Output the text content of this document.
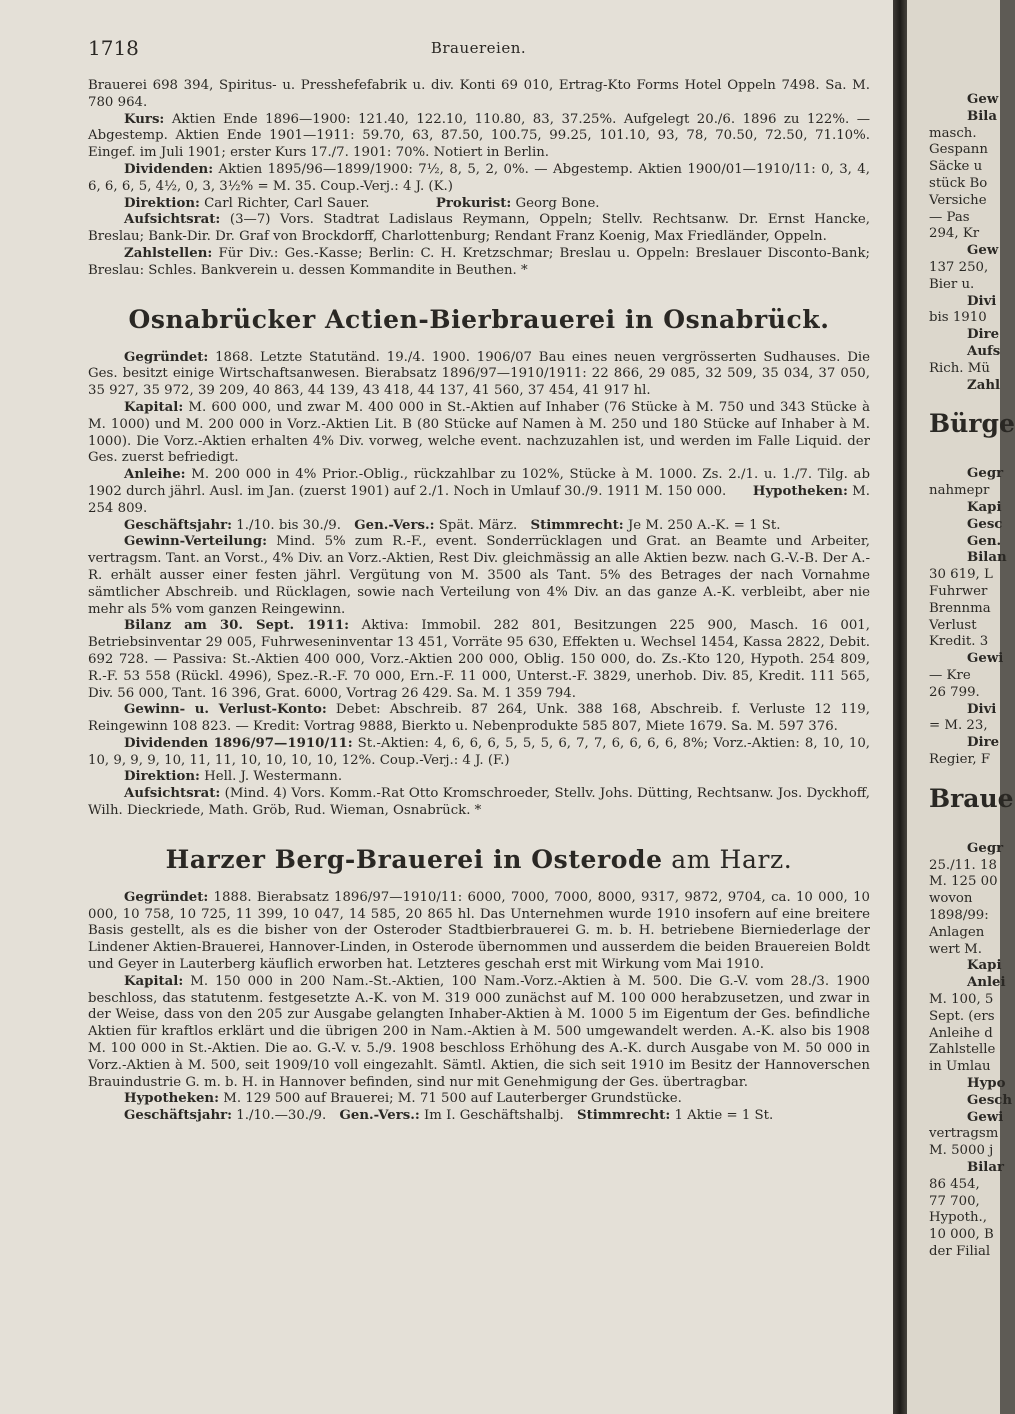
1718	Brauereien.

Brauerei 698 394, Spiritus- u. Presshefefabrik u. div. Konti 69 010, Ertrag-Kto Forms Hotel Oppeln 7498. Sa. M. 780 964.

Kurs: Aktien Ende 1896—1900: 121.40, 122.10, 110.80, 83, 37.25%. Aufgelegt 20./6. 1896 zu 122%. — Abgestemp. Aktien Ende 1901—1911: 59.70, 63, 87.50, 100.75, 99.25, 101.10, 93, 78, 70.50, 72.50, 71.10%. Eingef. im Juli 1901; erster Kurs 17./7. 1901: 70%. Notiert in Berlin.

Dividenden: Aktien 1895/96—1899/1900: 7½, 8, 5, 2, 0%. — Abgestemp. Aktien 1900/01—1910/11: 0, 3, 4, 6, 6, 6, 5, 4½, 0, 3, 3½% = M. 35. Coup.-Verj.: 4 J. (K.)

Direktion: Carl Richter, Carl Sauer.     	Prokurist: Georg Bone.

Aufsichtsrat: (3—7) Vors. Stadtrat Ladislaus Reymann, Oppeln; Stellv. Rechtsanw. Dr. Ernst Hancke, Breslau; Bank-Dir. Dr. Graf von Brockdorff, Charlottenburg; Rendant Franz Koenig, Max Friedländer, Oppeln.

Zahlstellen: Für Div.: Ges.-Kasse; Berlin: C. H. Kretzschmar; Breslau u. Oppeln: Breslauer Disconto-Bank; Breslau: Schles. Bankverein u. dessen Kommandite in Beuthen. *

Osnabrücker Actien-Bierbrauerei in Osnabrück.

Gegründet: 1868. Letzte Statutänd. 19./4. 1900. 1906/07 Bau eines neuen vergrösserten Sudhauses. Die Ges. besitzt einige Wirtschaftsanwesen. Bierabsatz 1896/97—1910/1911: 22 866, 29 085, 32 509, 35 034, 37 050, 35 927, 35 972, 39 209, 40 863, 44 139, 43 418, 44 137, 41 560, 37 454, 41 917 hl.

Kapital: M. 600 000, und zwar M. 400 000 in St.-Aktien auf Inhaber (76 Stücke à M. 750 und 343 Stücke à M. 1000) und M. 200 000 in Vorz.-Aktien Lit. B (80 Stücke auf Namen à M. 250 und 180 Stücke auf Inhaber à M. 1000). Die Vorz.-Aktien erhalten 4% Div. vorweg, welche event. nachzuzahlen ist, und werden im Falle Liquid. der Ges. zuerst befriedigt.

Anleihe: M. 200 000 in 4% Prior.-Oblig., rückzahlbar zu 102%, Stücke à M. 1000. Zs. 2./1. u. 1./7. Tilg. ab 1902 durch jährl. Ausl. im Jan. (zuerst 1901) auf 2./1. Noch in Umlauf 30./9. 1911 M. 150 000.   Hypotheken: M. 254 809.

Geschäftsjahr: 1./10. bis 30./9.  Gen.-Vers.: Spät. März.  Stimmrecht: Je M. 250 A.-K. = 1 St.

Gewinn-Verteilung: Mind. 5% zum R.-F., event. Sonderrücklagen und Grat. an Beamte und Arbeiter, vertragsm. Tant. an Vorst., 4% Div. an Vorz.-Aktien, Rest Div. gleichmässig an alle Aktien bezw. nach G.-V.-B. Der A.-R. erhält ausser einer festen jährl. Vergütung von M. 3500 als Tant. 5% des Betrages der nach Vornahme sämtlicher Abschreib. und Rücklagen, sowie nach Verteilung von 4% Div. an das ganze A.-K. verbleibt, aber nie mehr als 5% vom ganzen Reingewinn.

Bilanz am 30. Sept. 1911: Aktiva: Immobil. 282 801, Besitzungen 225 900, Masch. 16 001, Betriebsinventar 29 005, Fuhrweseninventar 13 451, Vorräte 95 630, Effekten u. Wechsel 1454, Kassa 2822, Debit. 692 728. — Passiva: St.-Aktien 400 000, Vorz.-Aktien 200 000, Oblig. 150 000, do. Zs.-Kto 120, Hypoth. 254 809, R.-F. 53 558 (Rückl. 4996), Spez.-R.-F. 70 000, Ern.-F. 11 000, Unterst.-F. 3829, unerhob. Div. 85, Kredit. 111 565, Div. 56 000, Tant. 16 396, Grat. 6000, Vortrag 26 429. Sa. M. 1 359 794.

Gewinn- u. Verlust-Konto: Debet: Abschreib. 87 264, Unk. 388 168, Abschreib. f. Verluste 12 119, Reingewinn 108 823. — Kredit: Vortrag 9888, Bierkto u. Nebenprodukte 585 807, Miete 1679. Sa. M. 597 376.

Dividenden 1896/97—1910/11: St.-Aktien: 4, 6, 6, 6, 5, 5, 5, 6, 7, 7, 6, 6, 6, 6, 8%; Vorz.-Aktien: 8, 10, 10, 10, 9, 9, 9, 10, 11, 11, 10, 10, 10, 10, 12%. Coup.-Verj.: 4 J. (F.)

Direktion: Hell. J. Westermann.

Aufsichtsrat: (Mind. 4) Vors. Komm.-Rat Otto Kromschroeder, Stellv. Johs. Dütting, Rechtsanw. Jos. Dyckhoff, Wilh. Dieckriede, Math. Gröb, Rud. Wieman, Osnabrück. *

Harzer Berg-Brauerei in Osterode am Harz.

Gegründet: 1888. Bierabsatz 1896/97—1910/11: 6000, 7000, 7000, 8000, 9317, 9872, 9704, ca. 10 000, 10 000, 10 758, 10 725, 11 399, 10 047, 14 585, 20 865 hl. Das Unternehmen wurde 1910 insofern auf eine breitere Basis gestellt, als es die bisher von der Osteroder Stadtbierbrauerei G. m. b. H. betriebene Bierniederlage der Lindener Aktien-Brauerei, Hannover-Linden, in Osterode übernommen und ausserdem die beiden Brauereien Boldt und Geyer in Lauterberg käuflich erworben hat. Letzteres geschah erst mit Wirkung vom Mai 1910.

Kapital: M. 150 000 in 200 Nam.-St.-Aktien, 100 Nam.-Vorz.-Aktien à M. 500. Die G.-V. vom 28./3. 1900 beschloss, das statutenm. festgesetzte A.-K. von M. 319 000 zunächst auf M. 100 000 herabzusetzen, und zwar in der Weise, dass von den 205 zur Ausgabe gelangten Inhaber-Aktien à M. 1000 5 im Eigentum der Ges. befindliche Aktien für kraftlos erklärt und die übrigen 200 in Nam.-Aktien à M. 500 umgewandelt werden. A.-K. also bis 1908 M. 100 000 in St.-Aktien. Die ao. G.-V. v. 5./9. 1908 beschloss Erhöhung des A.-K. durch Ausgabe von M. 50 000 in Vorz.-Aktien à M. 500, seit 1909/10 voll eingezahlt. Sämtl. Aktien, die sich seit 1910 im Besitz der Hannoverschen Brauindustrie G. m. b. H. in Hannover befinden, sind nur mit Genehmigung der Ges. übertragbar.

Hypotheken: M. 129 500 auf Brauerei; M. 71 500 auf Lauterberger Grundstücke.

Geschäftsjahr: 1./10.—30./9.  Gen.-Vers.: Im I. Geschäftshalbj.  Stimmrecht: 1 Aktie = 1 St.

Gew
Bila
masch.
Gespann
Säcke u
stück Bo
Versiche
— Pas
294, Kr
Gew
137 250,
Bier u.
Divi
bis 1910
Dire
Aufs
Rich. Mü
Zahl
Bürge
Gegr
nahmepr
Kapi
Gesc
Gen.
Bilan
30 619, L
Fuhrwer
Brennma
Verlust
Kredit. 3
Gewi
— Kre
26 799.
Divi
= M. 23,
Dire
Regier, F
Braue
Gegr
25./11. 18
M. 125 00
wovon
1898/99:
Anlagen
wert M.
Kapi
Anlei
M. 100, 5
Sept. (ers
Anleihe d
Zahlstelle
in Umlau
Hypo
Gesch
Gewi
vertragsm
M. 5000 j
Bilar
86 454,
77 700,
Hypoth.,
10 000, B
der Filial
